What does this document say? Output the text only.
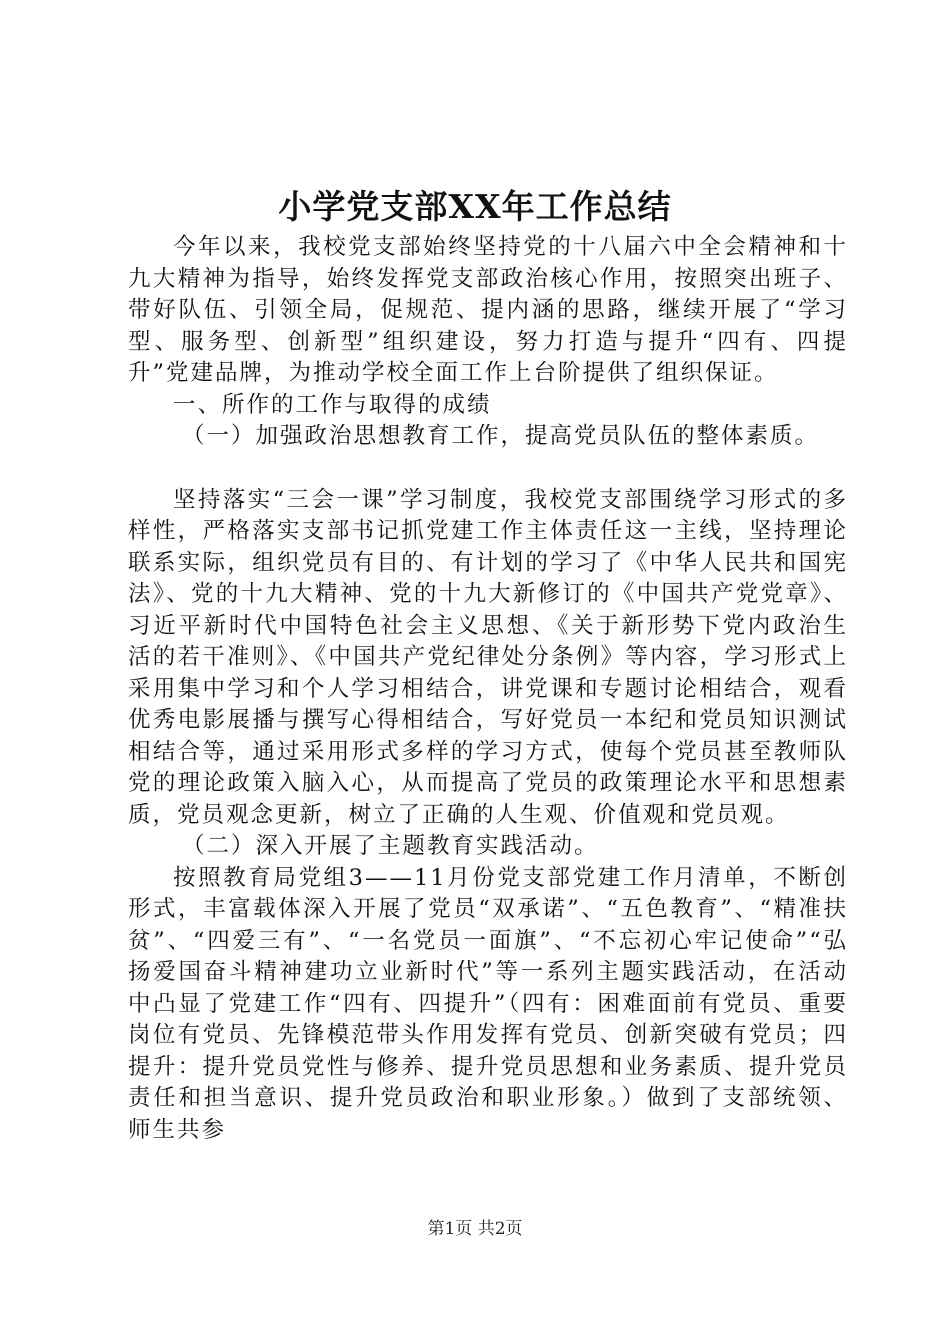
小学党支部XX年工作总结

今年以来，我校党支部始终坚持党的十八届六中全会精神和十九大精神为指导，始终发挥党支部政治核心作用，按照突出班子、带好队伍、引领全局，促规范、提内涵的思路，继续开展了“学习型、服务型、创新型”组织建设，努力打造与提升“四有、四提升”党建品牌，为推动学校全面工作上台阶提供了组织保证。

一、所作的工作与取得的成绩

（一）加强政治思想教育工作，提高党员队伍的整体素质。

坚持落实“三会一课”学习制度，我校党支部围绕学习形式的多样性，严格落实支部书记抓党建工作主体责任这一主线，坚持理论联系实际，组织党员有目的、有计划的学习了《中华人民共和国宪法》、党的十九大精神、党的十九大新修订的《中国共产党党章》、习近平新时代中国特色社会主义思想、《关于新形势下党内政治生活的若干准则》、《中国共产党纪律处分条例》等内容，学习形式上采用集中学习和个人学习相结合，讲党课和专题讨论相结合，观看优秀电影展播与撰写心得相结合，写好党员一本纪和党员知识测试相结合等，通过采用形式多样的学习方式，使每个党员甚至教师队党的理论政策入脑入心，从而提高了党员的政策理论水平和思想素质，党员观念更新，树立了正确的人生观、价值观和党员观。

（二）深入开展了主题教育实践活动。

按照教育局党组3——11月份党支部党建工作月清单，不断创形式，丰富载体深入开展了党员“双承诺”、“五色教育”、“精准扶贫”、“四爱三有”、“一名党员一面旗”、“不忘初心牢记使命”“弘扬爱国奋斗精神建功立业新时代”等一系列主题实践活动，在活动中凸显了党建工作“四有、四提升”（四有：困难面前有党员、重要岗位有党员、先锋模范带头作用发挥有党员、创新突破有党员；四提升：提升党员党性与修养、提升党员思想和业务素质、提升党员责任和担当意识、提升党员政治和职业形象。）做到了支部统领、师生共参

第1页 共2页
